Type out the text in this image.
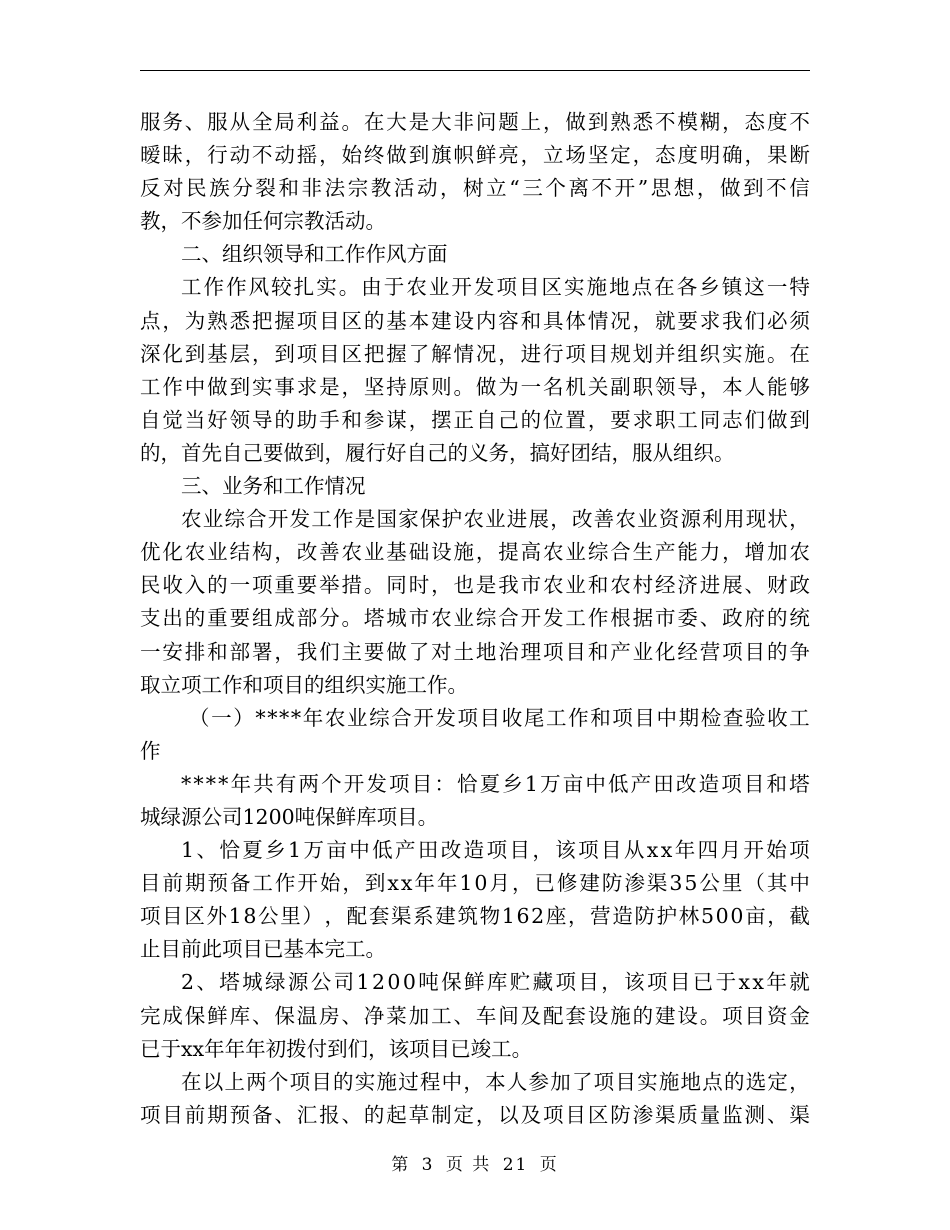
服 务 、 服 从 全 局 利 益 。 在 大 是 大 非 问 题 上 ， 做 到 熟 悉 不 模 糊 ， 态 度 不
暧 昧 ， 行 动 不 动 摇 ， 始 终 做 到 旗 帜 鲜 亮 ， 立 场 坚 定 ， 态 度 明 确 ， 果 断
反 对 民 族 分 裂 和 非 法 宗 教 活 动 ， 树 立 “ 三 个 离 不 开 ” 思 想 ， 做 到 不 信
教，不参加任何宗教活动。
二、组织领导和工作作风方面
工 作 作 风 较 扎 实 。 由 于 农 业 开 发 项 目 区 实 施 地 点 在 各 乡 镇 这 一 特
点 ， 为 熟 悉 把 握 项 目 区 的 基 本 建 设 内 容 和 具 体 情 况 ， 就 要 求 我 们 必 须
深 化 到 基 层 ， 到 项 目 区 把 握 了 解 情 况 ， 进 行 项 目 规 划 并 组 织 实 施 。 在
工 作 中 做 到 实 事 求 是 ， 坚 持 原 则 。 做 为 一 名 机 关 副 职 领 导 ， 本 人 能 够
自 觉 当 好 领 导 的 助 手 和 参 谋 ， 摆 正 自 己 的 位 置 ， 要 求 职 工 同 志 们 做 到
的，首先自己要做到，履行好自己的义务，搞好团结，服从组织。
三、业务和工作情况
农 业 综 合 开 发 工 作 是 国 家 保 护 农 业 进 展 ， 改 善 农 业 资 源 利 用 现 状 ，
优 化 农 业 结 构 ， 改 善 农 业 基 础 设 施 ， 提 高 农 业 综 合 生 产 能 力 ， 增 加 农
民 收 入 的 一 项 重 要 举 措 。 同 时 ， 也 是 我 市 农 业 和 农 村 经 济 进 展 、 财 政
支 出 的 重 要 组 成 部 分 。 塔 城 市 农 业 综 合 开 发 工 作 根 据 市 委 、 政 府 的 统
一 安 排 和 部 署 ， 我 们 主 要 做 了 对 土 地 治 理 项 目 和 产 业 化 经 营 项 目 的 争
取立项工作和项目的组织实施工作。
（ 一 ） * * * * 年 农 业 综 合 开 发 项 目 收 尾 工 作 和 项 目 中 期 检 查 验 收 工
作
* * * * 年 共 有 两 个 开 发 项 目 ： 恰 夏 乡 1 万 亩 中 低 产 田 改 造 项 目 和 塔
城绿源公司1200吨保鲜库项目。
1 、 恰 夏 乡 1 万 亩 中 低 产 田 改 造 项 目 ， 该 项 目 从 x x 年 四 月 开 始 项
目 前 期 预 备 工 作 开 始 ， 到 x x 年 年 1 0 月 ， 已 修 建 防 渗 渠 3 5 公 里 （ 其 中
项 目 区 外 1 8 公 里 ） ， 配 套 渠 系 建 筑 物 1 6 2 座 ， 营 造 防 护 林 5 0 0 亩 ， 截
止目前此项目已基本完工。
2 、 塔 城 绿 源 公 司 1 2 0 0 吨 保 鲜 库 贮 藏 项 目 ， 该 项 目 已 于 x x 年 就
完 成 保 鲜 库 、 保 温 房 、 净 菜 加 工 、 车 间 及 配 套 设 施 的 建 设 。 项 目 资 金
已于xx年年年初拨付到们，该项目已竣工。
在 以 上 两 个 项 目 的 实 施 过 程 中 ， 本 人 参 加 了 项 目 实 施 地 点 的 选 定 ，
项 目 前 期 预 备 、 汇 报 、 的 起 草 制 定 ， 以 及 项 目 区 防 渗 渠 质 量 监 测 、 渠
第 3 页 共 21 页
